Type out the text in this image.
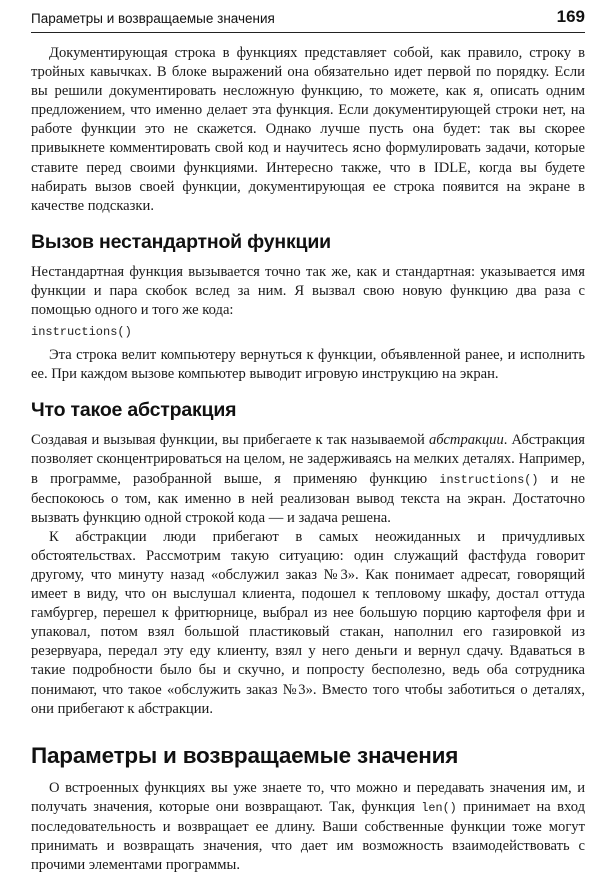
Параметры и возвращаемые значения	169

Документирующая строка в функциях представляет собой, как правило, строку в тройных кавычках. В блоке выражений она обязательно идет первой по порядку. Если вы решили документировать несложную функцию, то можете, как я, описать одним предложением, что именно делает эта функция. Если документирующей строки нет, на работе функции это не скажется. Однако лучше пусть она будет: так вы скорее привыкнете комментировать свой код и научитесь ясно формулировать задачи, которые ставите перед своими функциями. Интересно также, что в IDLE, когда вы будете набирать вызов своей функции, документирующая ее строка появится на экране в качестве подсказки.

Вызов нестандартной функции

Нестандартная функция вызывается точно так же, как и стандартная: указывается имя функции и пара скобок вслед за ним. Я вызвал свою новую функцию два раза с помощью одного и того же кода:

instructions()

Эта строка велит компьютеру вернуться к функции, объявленной ранее, и исполнить ее. При каждом вызове компьютер выводит игровую инструкцию на экран.

Что такое абстракция

Создавая и вызывая функции, вы прибегаете к так называемой абстракции. Абстракция позволяет сконцентрироваться на целом, не задерживаясь на мелких деталях. Например, в программе, разобранной выше, я применяю функцию instructions() и не беспокоюсь о том, как именно в ней реализован вывод текста на экран. Достаточно вызвать функцию одной строкой кода — и задача решена.

К абстракции люди прибегают в самых неожиданных и причудливых обстоятельствах. Рассмотрим такую ситуацию: один служащий фастфуда говорит другому, что минуту назад «обслужил заказ №3». Как понимает адресат, говорящий имеет в виду, что он выслушал клиента, подошел к тепловому шкафу, достал оттуда гамбургер, перешел к фритюрнице, выбрал из нее большую порцию картофеля фри и упаковал, потом взял большой пластиковый стакан, наполнил его газировкой из резервуара, передал эту еду клиенту, взял у него деньги и вернул сдачу. Вдаваться в такие подробности было бы и скучно, и попросту бесполезно, ведь оба сотрудника понимают, что такое «обслужить заказ №3». Вместо того чтобы заботиться о деталях, они прибегают к абстракции.

Параметры и возвращаемые значения

О встроенных функциях вы уже знаете то, что можно и передавать значения им, и получать значения, которые они возвращают. Так, функция len() принимает на вход последовательность и возвращает ее длину. Ваши собственные функции тоже могут принимать и возвращать значения, что дает им возможность взаимодействовать с прочими элементами программы.
